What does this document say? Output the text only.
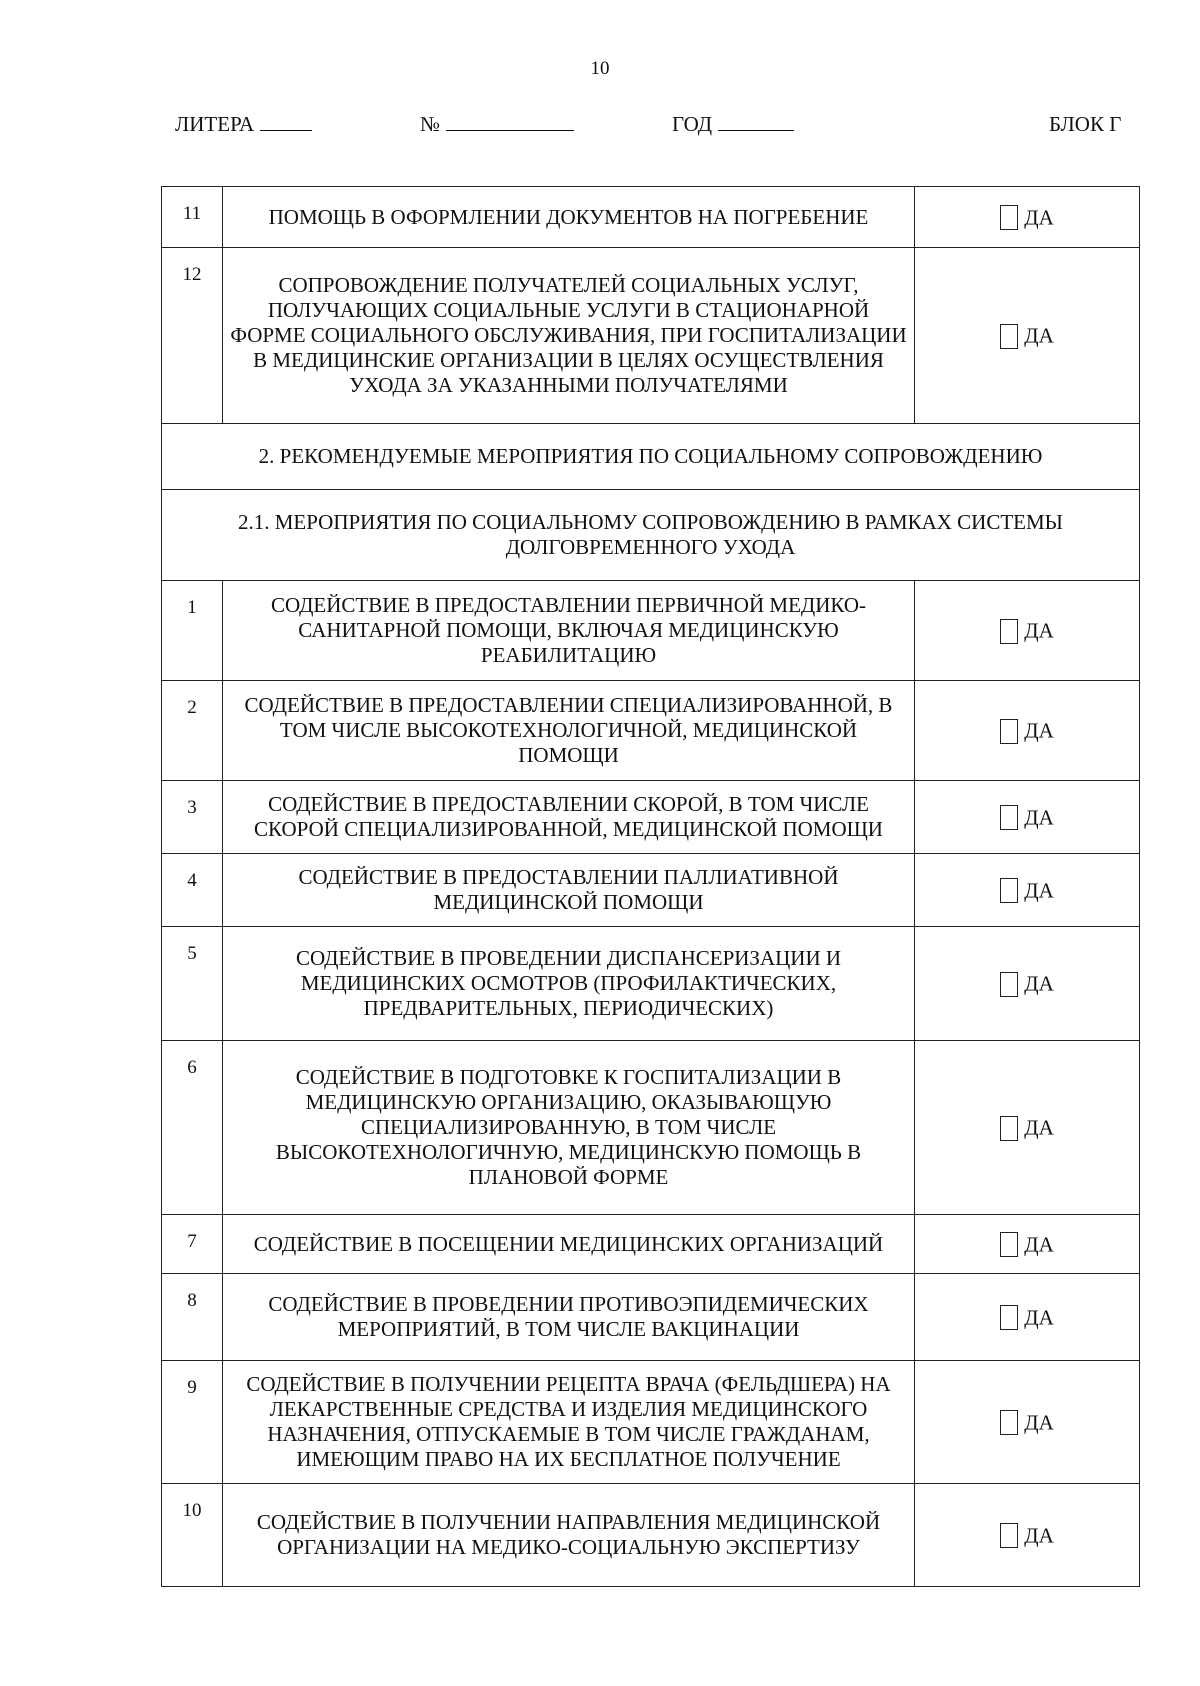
10
ЛИТЕРА	№	ГОД	БЛОК Г
11	ПОМОЩЬ В ОФОРМЛЕНИИ ДОКУМЕНТОВ НА ПОГРЕБЕНИЕ	ДА
12	СОПРОВОЖДЕНИЕ ПОЛУЧАТЕЛЕЙ СОЦИАЛЬНЫХ УСЛУГ, ПОЛУЧАЮЩИХ СОЦИАЛЬНЫЕ УСЛУГИ В СТАЦИОНАРНОЙ ФОРМЕ СОЦИАЛЬНОГО ОБСЛУЖИВАНИЯ, ПРИ ГОСПИТАЛИЗАЦИИ В МЕДИЦИНСКИЕ ОРГАНИЗАЦИИ В ЦЕЛЯХ ОСУЩЕСТВЛЕНИЯ УХОДА ЗА УКАЗАННЫМИ ПОЛУЧАТЕЛЯМИ	ДА
2. РЕКОМЕНДУЕМЫЕ МЕРОПРИЯТИЯ ПО СОЦИАЛЬНОМУ СОПРОВОЖДЕНИЮ		
2.1. МЕРОПРИЯТИЯ ПО СОЦИАЛЬНОМУ СОПРОВОЖДЕНИЮ В РАМКАХ СИСТЕМЫ ДОЛГОВРЕМЕННОГО УХОДА		
1	СОДЕЙСТВИЕ В ПРЕДОСТАВЛЕНИИ ПЕРВИЧНОЙ МЕДИКО-САНИТАРНОЙ ПОМОЩИ, ВКЛЮЧАЯ МЕДИЦИНСКУЮ РЕАБИЛИТАЦИЮ	ДА
2	СОДЕЙСТВИЕ В ПРЕДОСТАВЛЕНИИ СПЕЦИАЛИЗИРОВАННОЙ, В ТОМ ЧИСЛЕ ВЫСОКОТЕХНОЛОГИЧНОЙ, МЕДИЦИНСКОЙ ПОМОЩИ	ДА
3	СОДЕЙСТВИЕ В ПРЕДОСТАВЛЕНИИ СКОРОЙ, В ТОМ ЧИСЛЕ СКОРОЙ СПЕЦИАЛИЗИРОВАННОЙ, МЕДИЦИНСКОЙ ПОМОЩИ	ДА
4	СОДЕЙСТВИЕ В ПРЕДОСТАВЛЕНИИ ПАЛЛИАТИВНОЙ МЕДИЦИНСКОЙ ПОМОЩИ	ДА
5	СОДЕЙСТВИЕ В ПРОВЕДЕНИИ ДИСПАНСЕРИЗАЦИИ И МЕДИЦИНСКИХ ОСМОТРОВ (ПРОФИЛАКТИЧЕСКИХ, ПРЕДВАРИТЕЛЬНЫХ, ПЕРИОДИЧЕСКИХ)	ДА
6	СОДЕЙСТВИЕ В ПОДГОТОВКЕ К ГОСПИТАЛИЗАЦИИ В МЕДИЦИНСКУЮ ОРГАНИЗАЦИЮ, ОКАЗЫВАЮЩУЮ СПЕЦИАЛИЗИРОВАННУЮ, В ТОМ ЧИСЛЕ ВЫСОКОТЕХНОЛОГИЧНУЮ, МЕДИЦИНСКУЮ ПОМОЩЬ В ПЛАНОВОЙ ФОРМЕ	ДА
7	СОДЕЙСТВИЕ В ПОСЕЩЕНИИ МЕДИЦИНСКИХ ОРГАНИЗАЦИЙ	ДА
8	СОДЕЙСТВИЕ В ПРОВЕДЕНИИ ПРОТИВОЭПИДЕМИЧЕСКИХ МЕРОПРИЯТИЙ, В ТОМ ЧИСЛЕ ВАКЦИНАЦИИ	ДА
9	СОДЕЙСТВИЕ В ПОЛУЧЕНИИ РЕЦЕПТА ВРАЧА (ФЕЛЬДШЕРА) НА ЛЕКАРСТВЕННЫЕ СРЕДСТВА И ИЗДЕЛИЯ МЕДИЦИНСКОГО НАЗНАЧЕНИЯ, ОТПУСКАЕМЫЕ В ТОМ ЧИСЛЕ ГРАЖДАНАМ, ИМЕЮЩИМ ПРАВО НА ИХ БЕСПЛАТНОЕ ПОЛУЧЕНИЕ	ДА
10	СОДЕЙСТВИЕ В ПОЛУЧЕНИИ НАПРАВЛЕНИЯ МЕДИЦИНСКОЙ ОРГАНИЗАЦИИ НА МЕДИКО-СОЦИАЛЬНУЮ ЭКСПЕРТИЗУ	ДА
